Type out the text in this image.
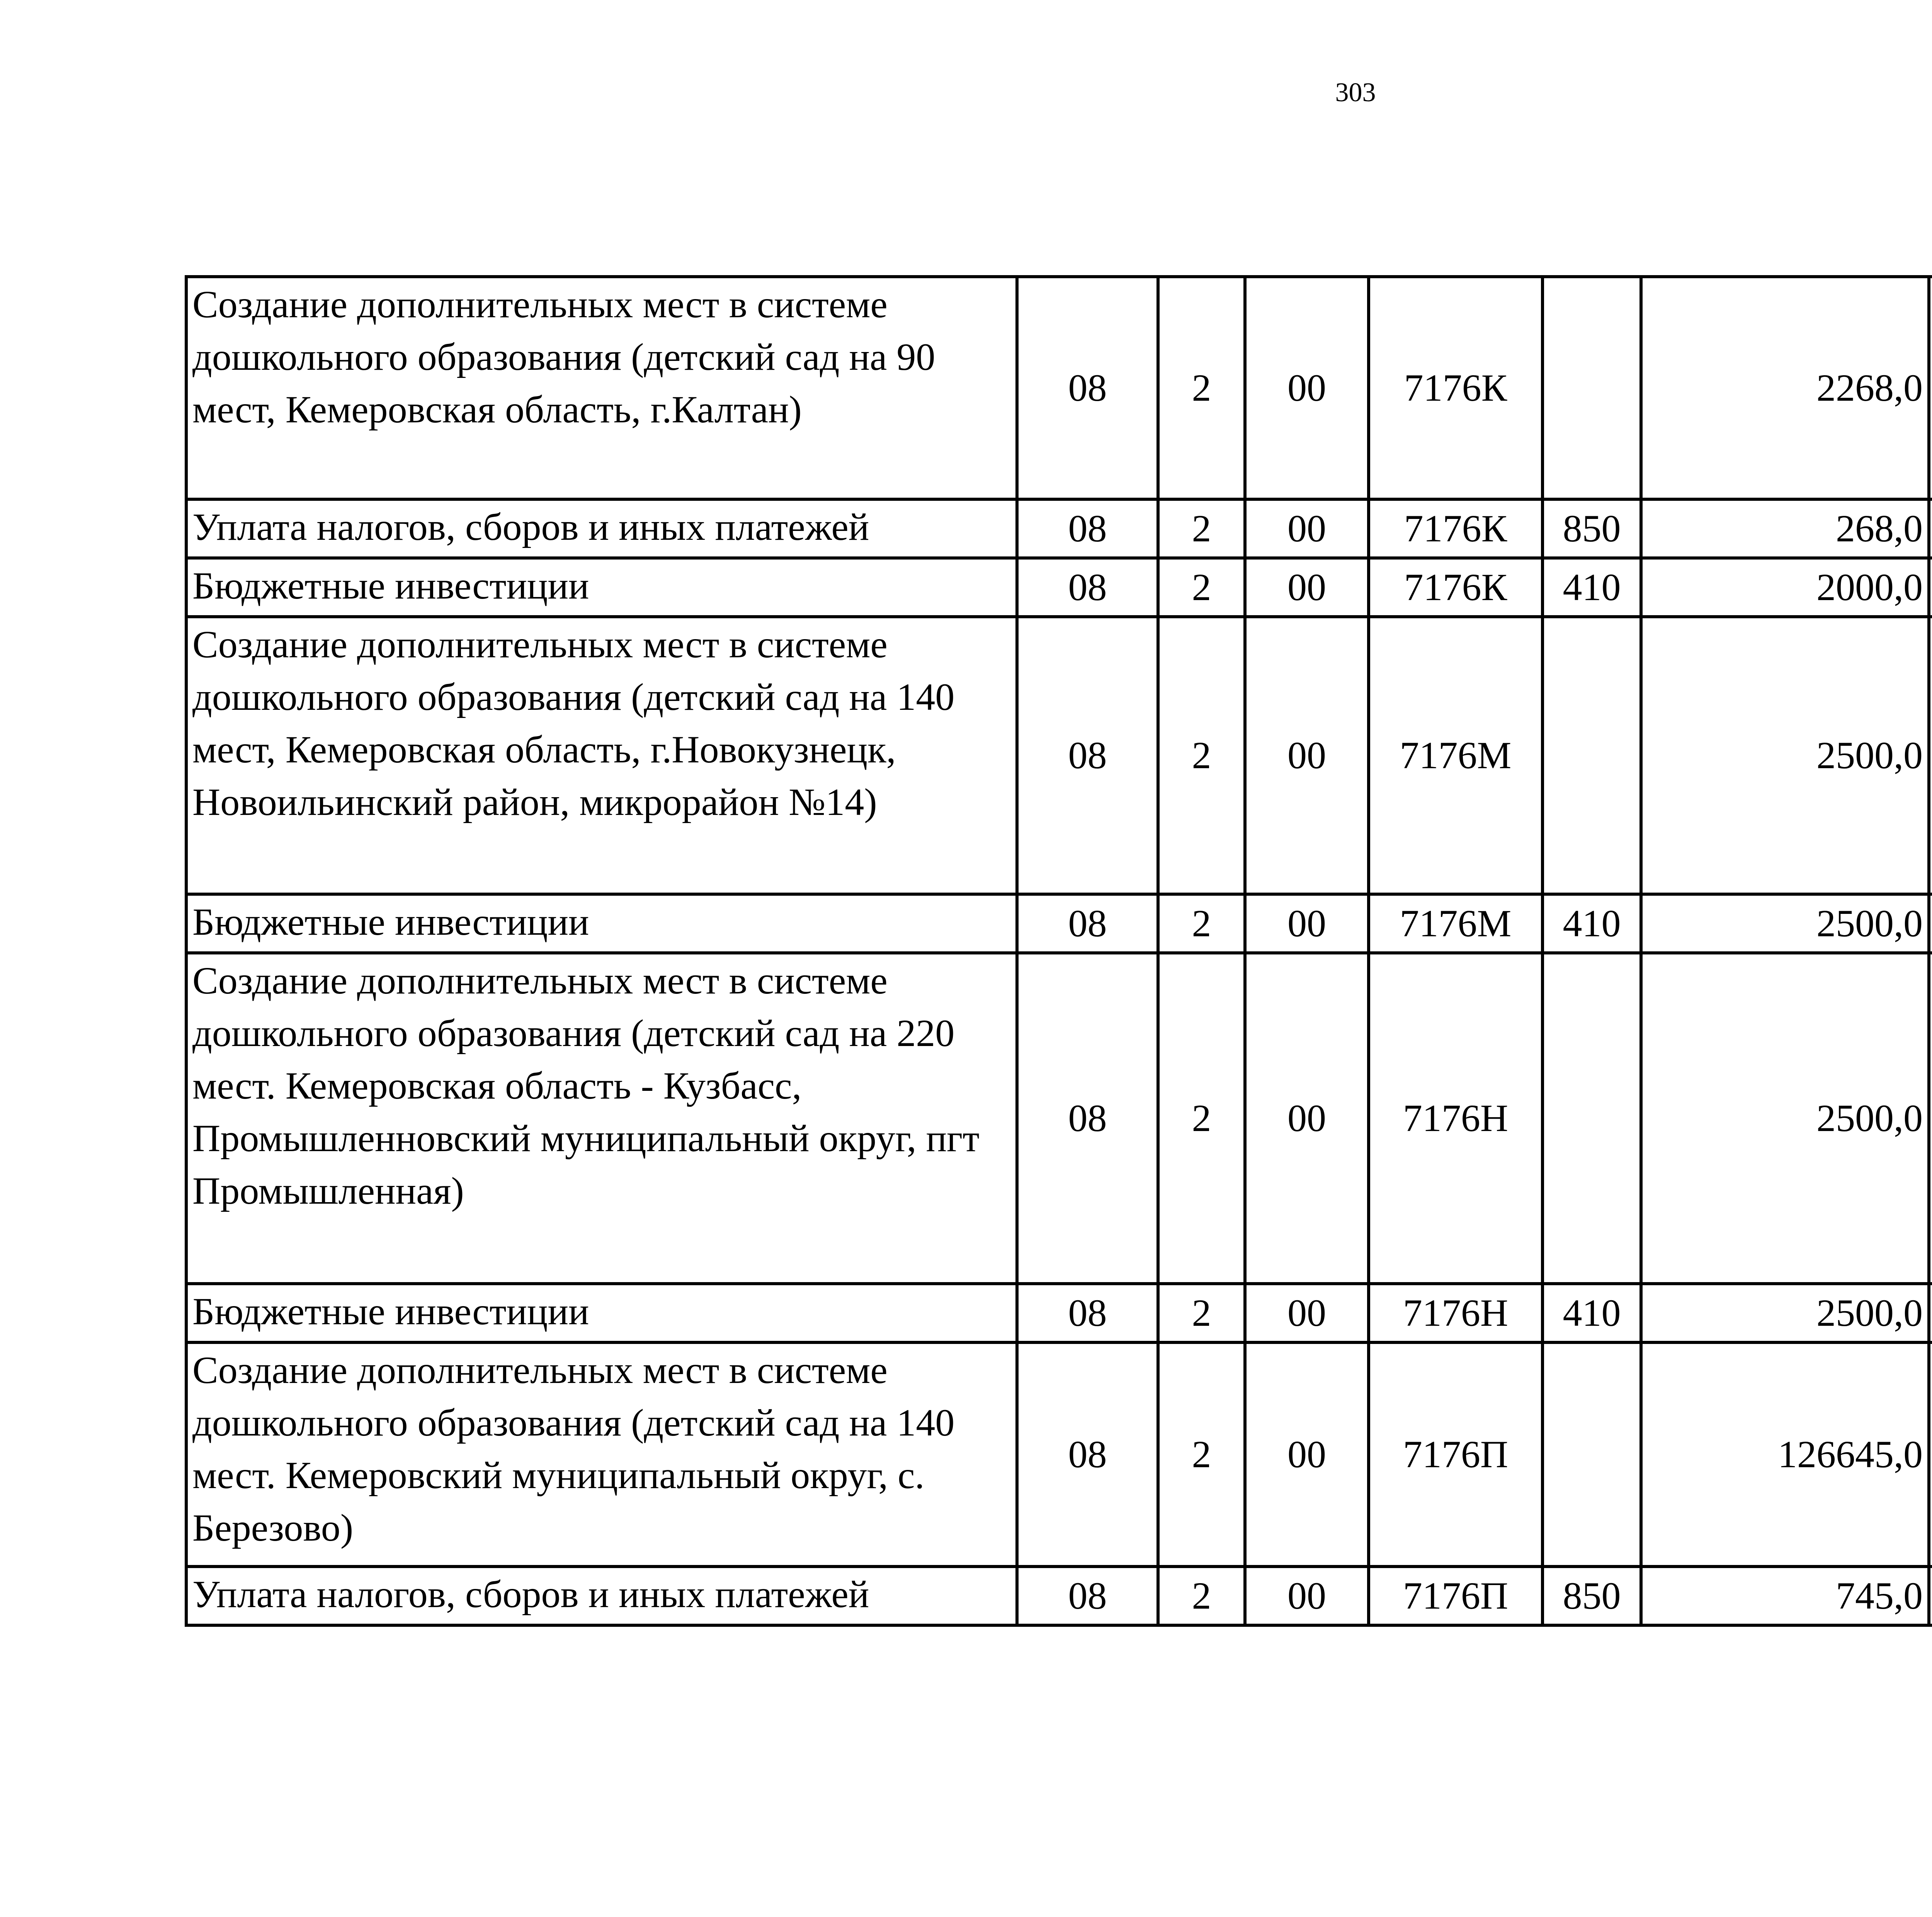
303
Создание дополнительных мест в системе дошкольного образования (детский сад на 90 мест, Кемеровская область, г.Калтан)	08	2	00	7176К		2268,0		
Уплата налогов, сборов и иных платежей	08	2	00	7176К	850	268,0		
Бюджетные инвестиции	08	2	00	7176К	410	2000,0		
Создание дополнительных мест в системе дошкольного образования (детский сад на 140 мест, Кемеровская область, г.Новокузнецк, Новоильинский район, микрорайон №14)	08	2	00	7176М		2500,0		
Бюджетные инвестиции	08	2	00	7176М	410	2500,0		
Создание дополнительных мест в системе дошкольного образования (детский сад на 220 мест. Кемеровская область - Кузбасс, Промышленновский муниципальный округ, пгт Промышленная)	08	2	00	7176Н		2500,0		
Бюджетные инвестиции	08	2	00	7176Н	410	2500,0		
Создание дополнительных мест в системе дошкольного образования (детский сад на 140 мест. Кемеровский муниципальный округ, с. Березово)	08	2	00	7176П		126645,0		
Уплата налогов, сборов и иных платежей	08	2	00	7176П	850	745,0		
